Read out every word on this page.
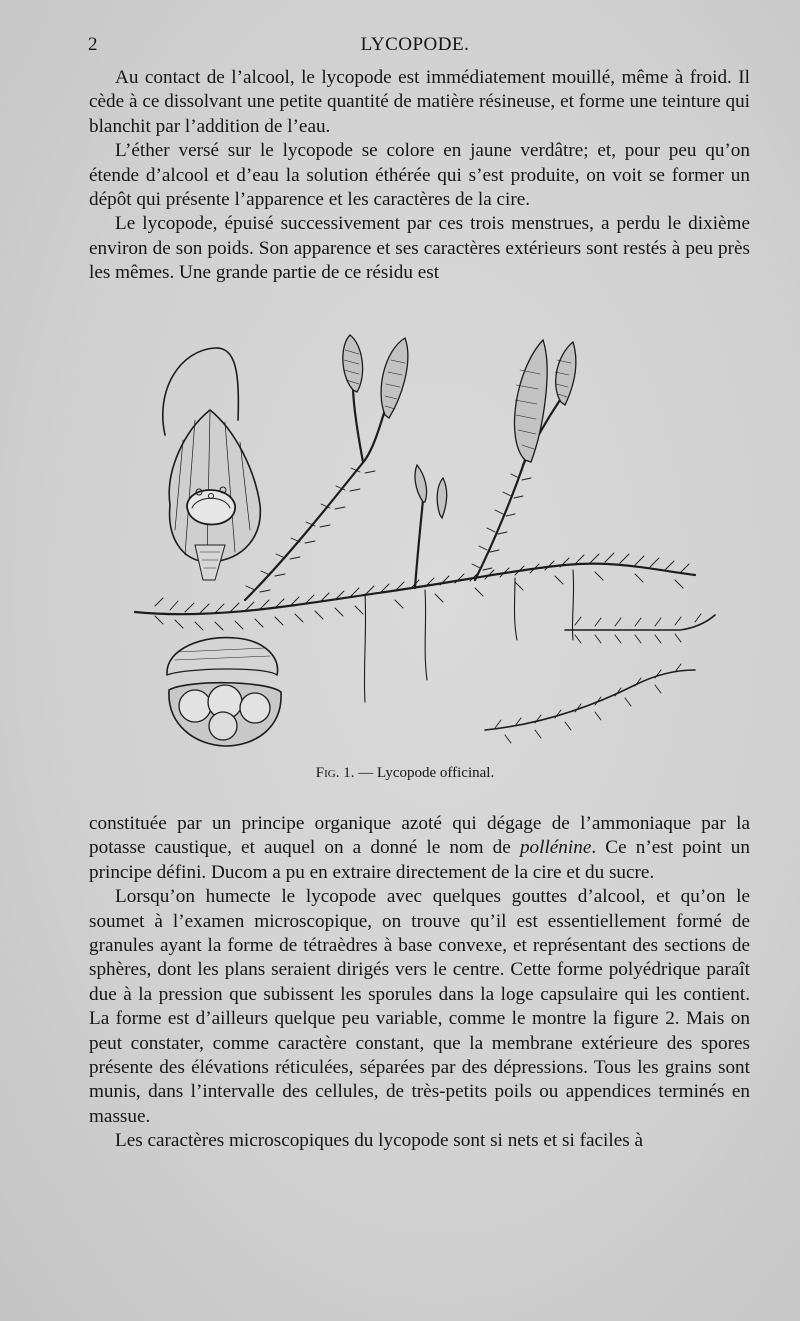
2	LYCOPODE.

Au contact de l’alcool, le lycopode est immédiatement mouillé, même à froid. Il cède à ce dissolvant une petite quantité de matière résineuse, et forme une teinture qui blanchit par l’addition de l’eau.

L’éther versé sur le lycopode se colore en jaune verdâtre; et, pour peu qu’on étende d’alcool et d’eau la solution éthérée qui s’est produite, on voit se former un dépôt qui présente l’apparence et les caractères de la cire.

Le lycopode, épuisé successivement par ces trois menstrues, a perdu le dixième environ de son poids. Son apparence et ses caractères extérieurs sont restés à peu près les mêmes. Une grande partie de ce résidu est

Fig. 1. — Lycopode officinal.

constituée par un principe organique azoté qui dégage de l’ammoniaque par la potasse caustique, et auquel on a donné le nom de pollénine. Ce n’est point un principe défini. Ducom a pu en extraire directement de la cire et du sucre.

Lorsqu’on humecte le lycopode avec quelques gouttes d’alcool, et qu’on le soumet à l’examen microscopique, on trouve qu’il est essentiellement formé de granules ayant la forme de tétraèdres à base convexe, et représentant des sections de sphères, dont les plans seraient dirigés vers le centre. Cette forme polyédrique paraît due à la pression que subissent les sporules dans la loge capsulaire qui les contient. La forme est d’ailleurs quelque peu variable, comme le montre la figure 2. Mais on peut constater, comme caractère constant, que la membrane extérieure des spores présente des élévations réticulées, séparées par des dépressions. Tous les grains sont munis, dans l’intervalle des cellules, de très-petits poils ou appendices terminés en massue.

Les caractères microscopiques du lycopode sont si nets et si faciles à
